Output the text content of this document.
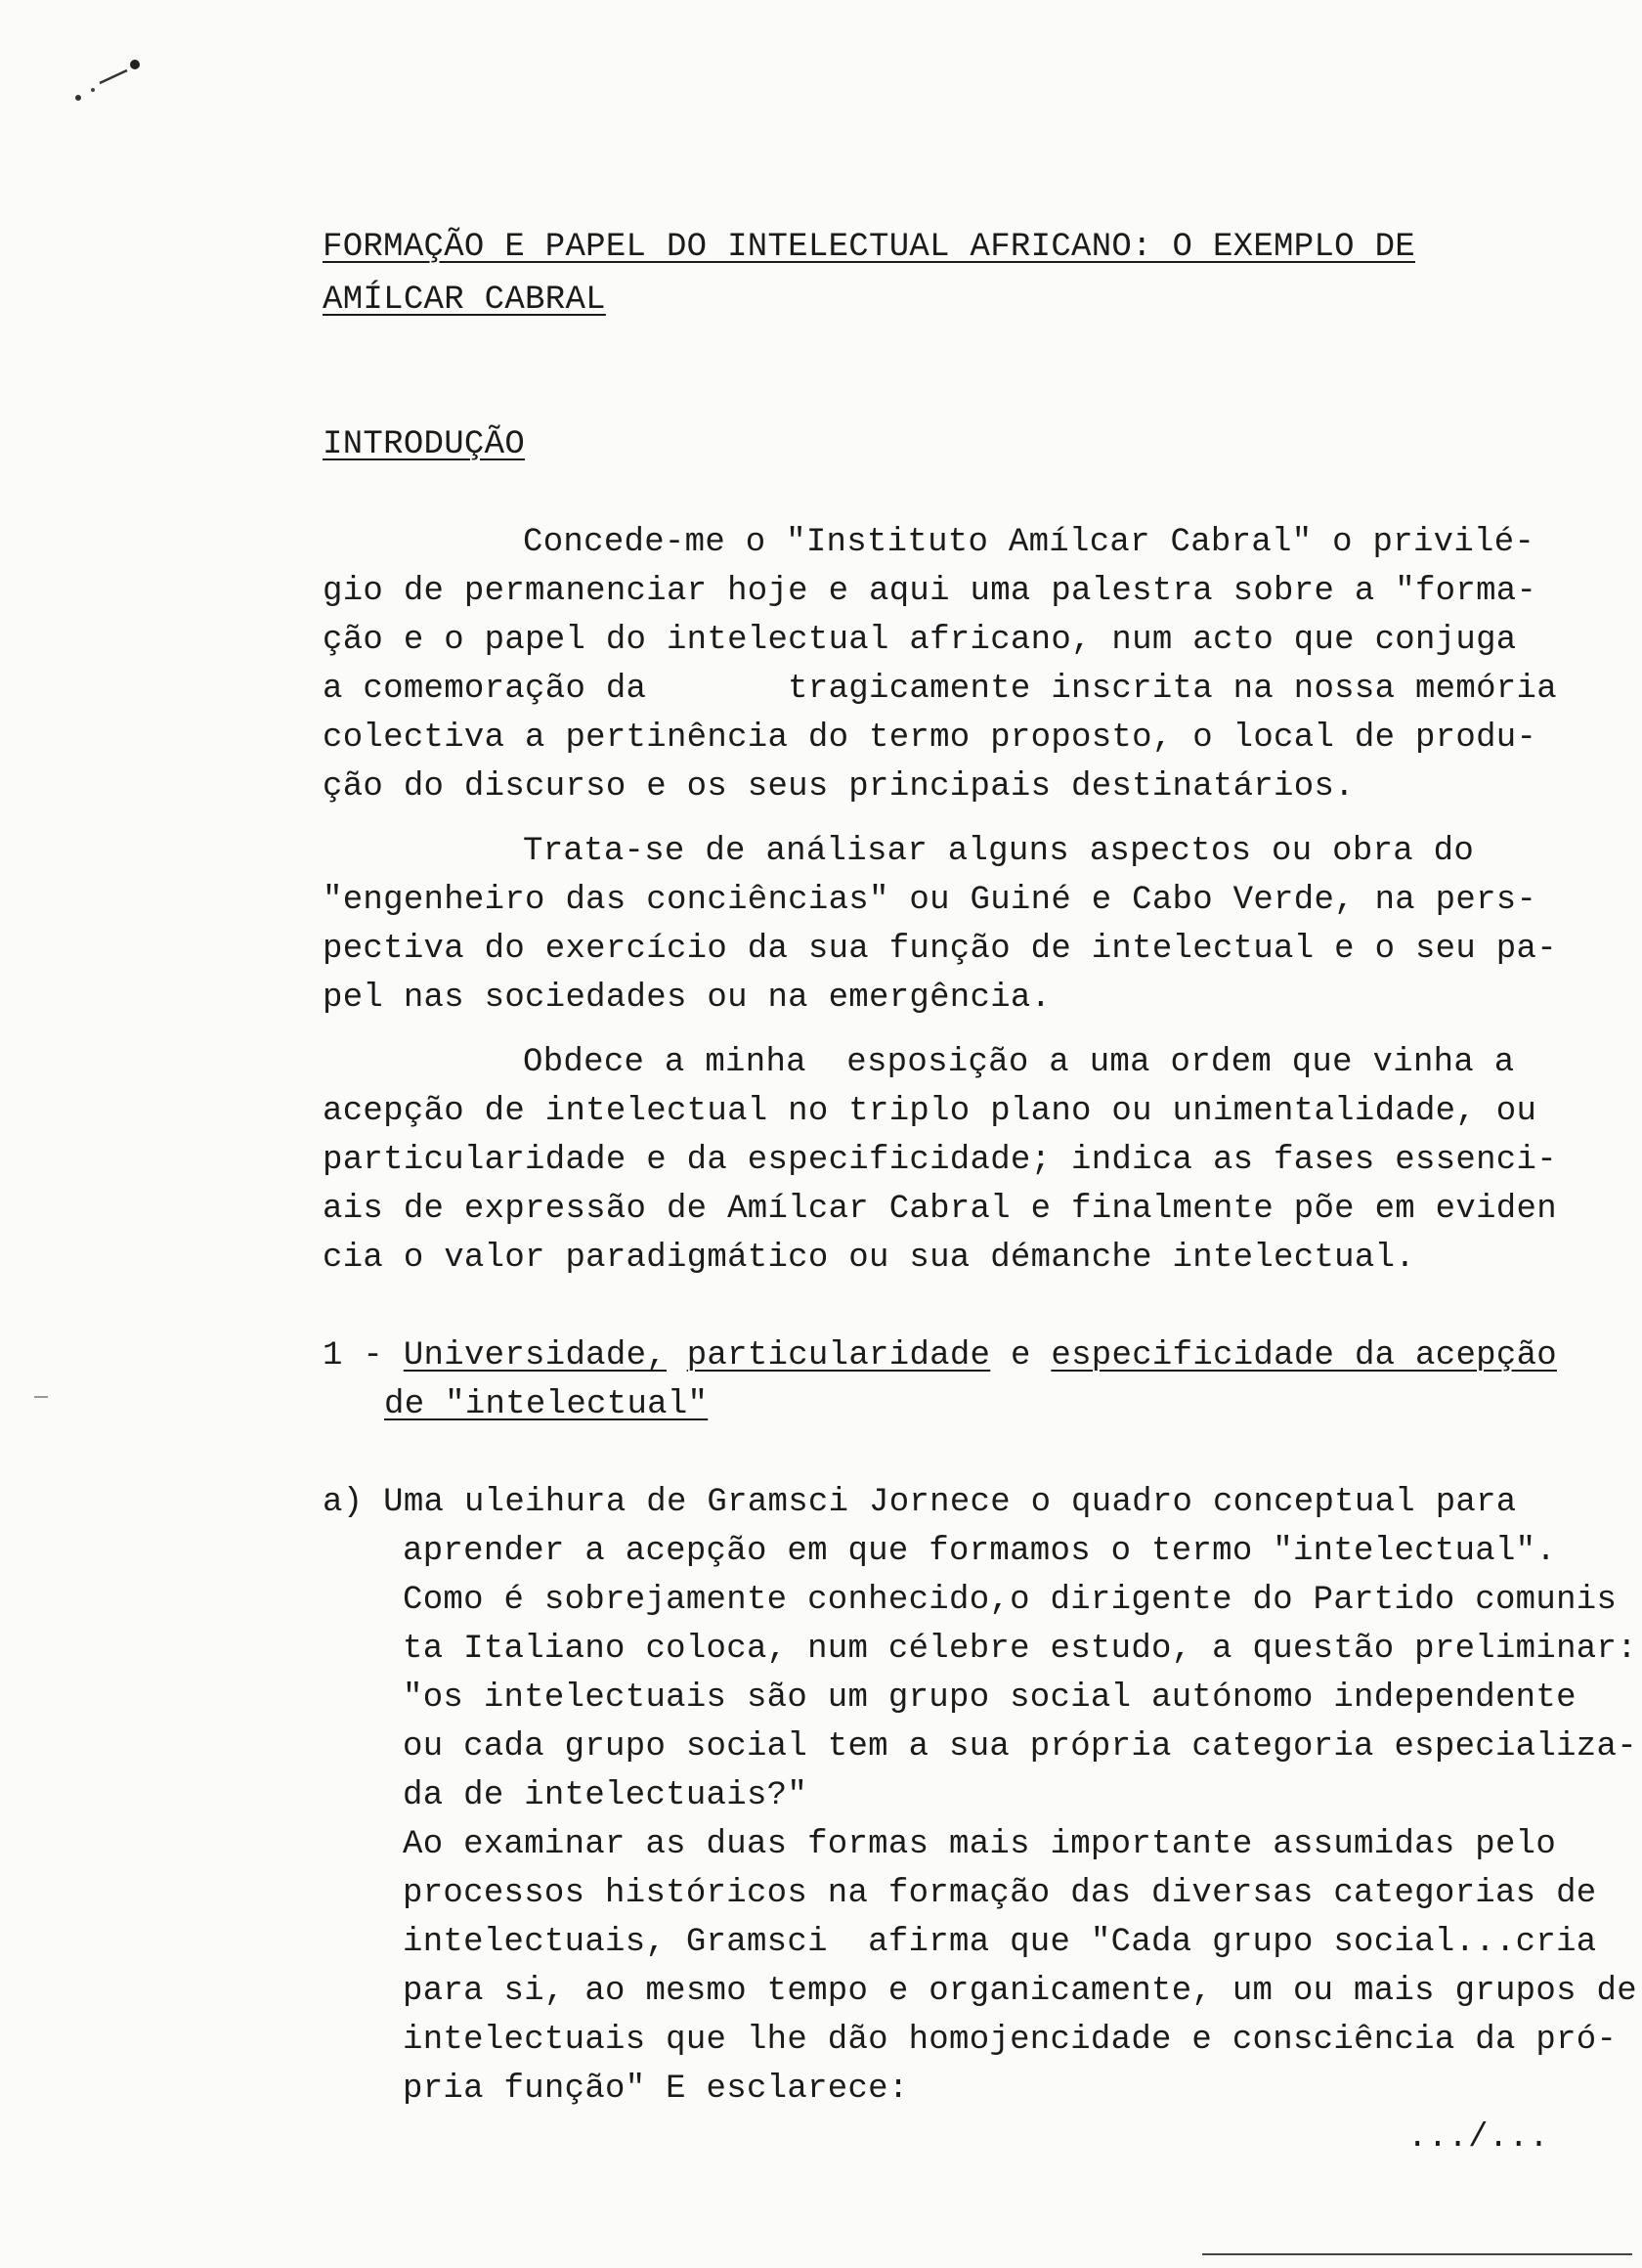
FORMAÇÃO E PAPEL DO INTELECTUAL AFRICANO: O EXEMPLO DE
AMÍLCAR CABRAL
INTRODUÇÃO
Concede-me o "Instituto Amílcar Cabral" o privilé-
gio de permanenciar hoje e aqui uma palestra sobre a "forma-
ção e o papel do intelectual africano, num acto que conjuga
a comemoração da       tragicamente inscrita na nossa memória
colectiva a pertinência do termo proposto, o local de produ-
ção do discurso e os seus principais destinatários.
Trata-se de análisar alguns aspectos ou obra do
"engenheiro das conciências" ou Guiné e Cabo Verde, na pers-
pectiva do exercício da sua função de intelectual e o seu pa-
pel nas sociedades ou na emergência.
Obdece a minha  esposição a uma ordem que vinha a
acepção de intelectual no triplo plano ou unimentalidade, ou
particularidade e da especificidade; indica as fases essenci-
ais de expressão de Amílcar Cabral e finalmente põe em eviden
cia o valor paradigmático ou sua démanche intelectual.
1 - Universidade, particularidade e especificidade da acepção
de "intelectual"
a) Uma uleihura de Gramsci Jornece o quadro conceptual para
aprender a acepção em que formamos o termo "intelectual".
Como é sobrejamente conhecido,o dirigente do Partido comunis
ta Italiano coloca, num célebre estudo, a questão preliminar:
"os intelectuais são um grupo social autónomo independente
ou cada grupo social tem a sua própria categoria especializa-
da de intelectuais?"
Ao examinar as duas formas mais importante assumidas pelo
processos históricos na formação das diversas categorias de
intelectuais, Gramsci  afirma que "Cada grupo social...cria
para si, ao mesmo tempo e organicamente, um ou mais grupos de
intelectuais que lhe dão homojencidade e consciência da pró-
pria função" E esclarece:
.../...
